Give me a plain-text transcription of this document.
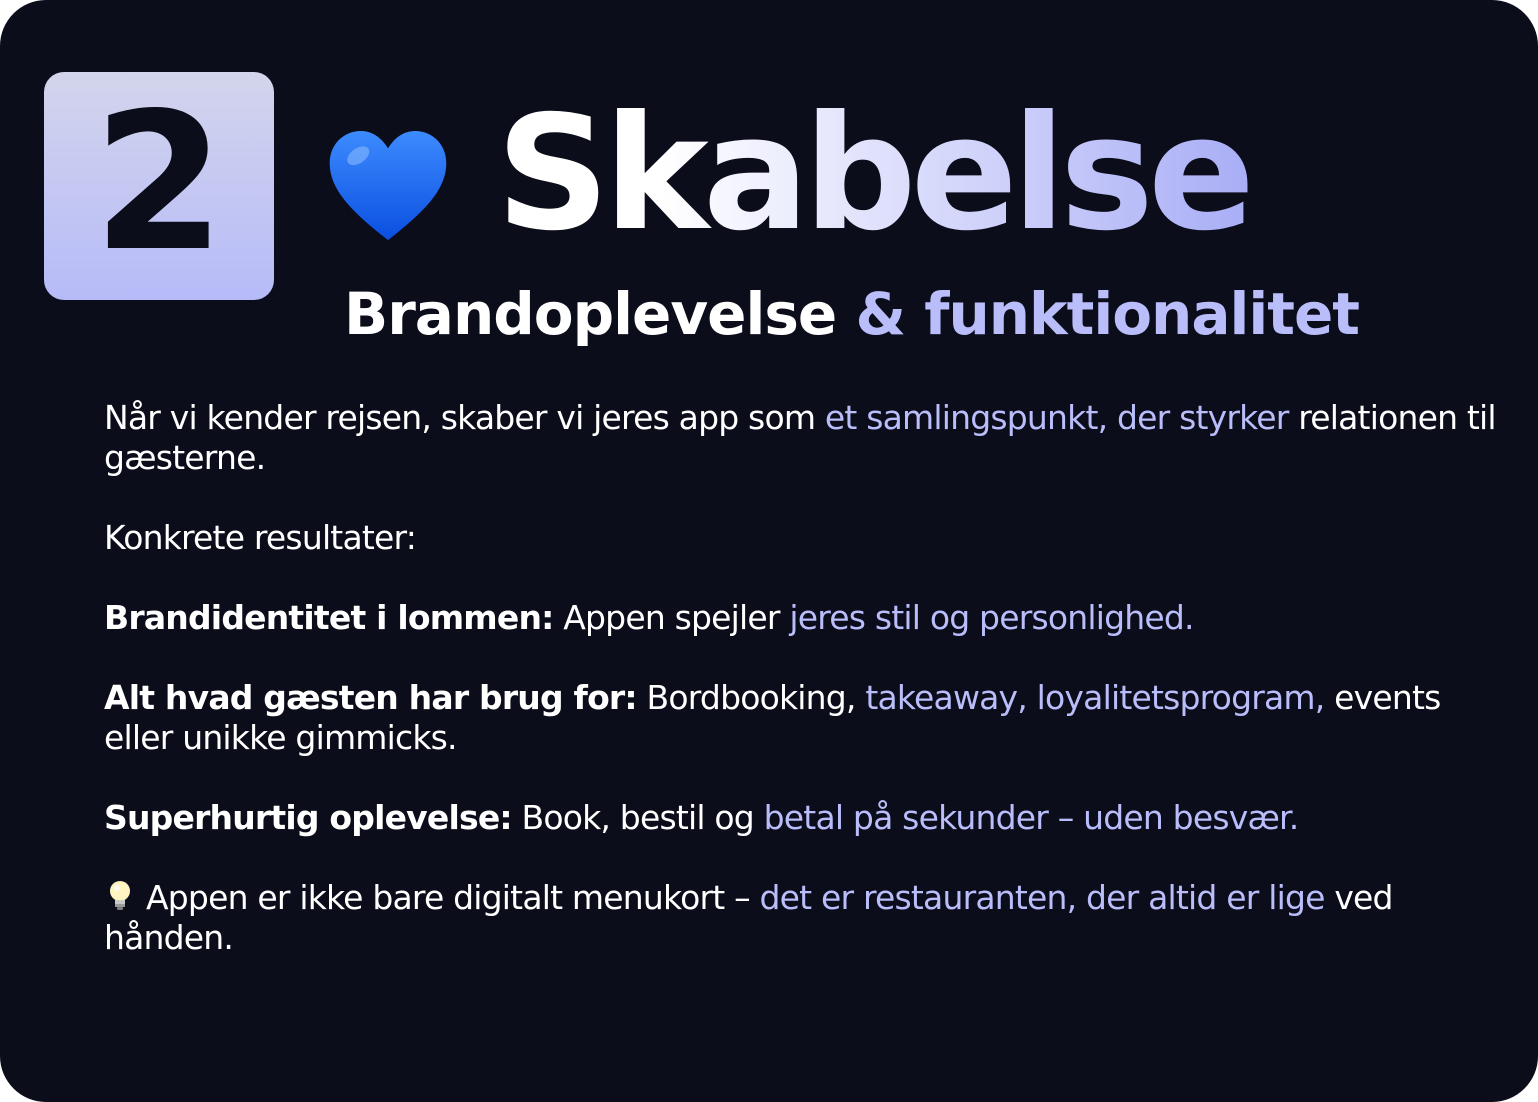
2 Skabelse
Brandoplevelse & funktionalitet

Når vi kender rejsen, skaber vi jeres app som et samlingspunkt, der styrker relationen til gæsterne.

Konkrete resultater:

Brandidentitet i lommen: Appen spejler jeres stil og personlighed.

Alt hvad gæsten har brug for: Bordbooking, takeaway, loyalitetsprogram, events eller unikke gimmicks.

Superhurtig oplevelse: Book, bestil og betal på sekunder – uden besvær.

Appen er ikke bare digitalt menukort – det er restauranten, der altid er lige ved hånden.
